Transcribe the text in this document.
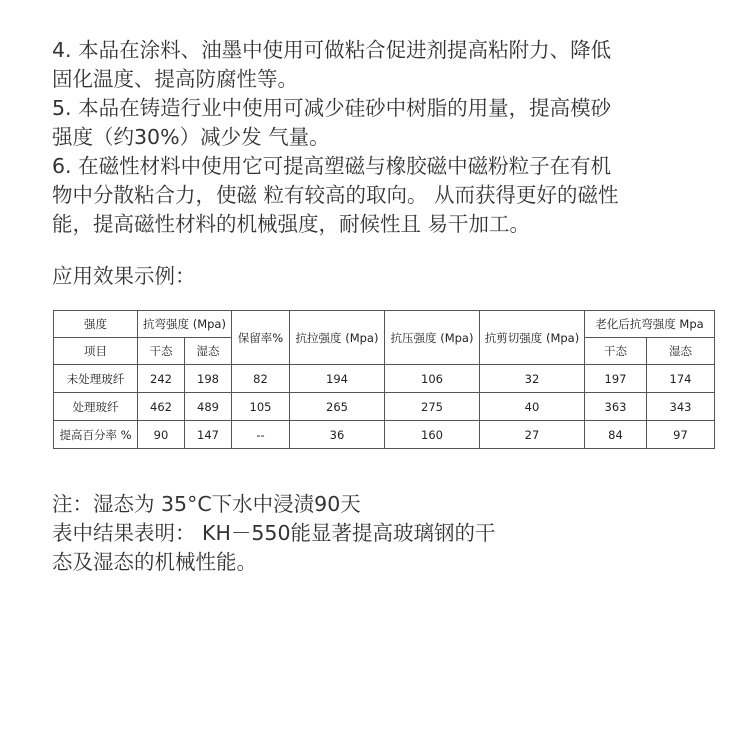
4. 本品在涂料、油墨中使用可做粘合促进剂提高粘附力、降低
固化温度、提高防腐性等。
5. 本品在铸造行业中使用可减少硅砂中树脂的用量，提高模砂
强度（约30%）减少发 气量。
6. 在磁性材料中使用它可提高塑磁与橡胶磁中磁粉粒子在有机
物中分散粘合力，使磁 粒有较高的取向。 从而获得更好的磁性
能，提高磁性材料的机械强度，耐候性且 易干加工。
应用效果示例：
强度	抗弯强度 (Mpa)		保留率%	抗拉强度 (Mpa)	抗压强度 (Mpa)	抗剪切强度 (Mpa)	老化后抗弯强度 Mpa	
项目	干态	湿态					干态	湿态
未处理玻纤	242	198	82	194	106	32	197	174
处理玻纤	462	489	105	265	275	40	363	343
提高百分率 %	90	147	--	36	160	27	84	97
注：湿态为 35°C下水中浸渍90天
表中结果表明： KH－550能显著提高玻璃钢的干
态及湿态的机械性能。
